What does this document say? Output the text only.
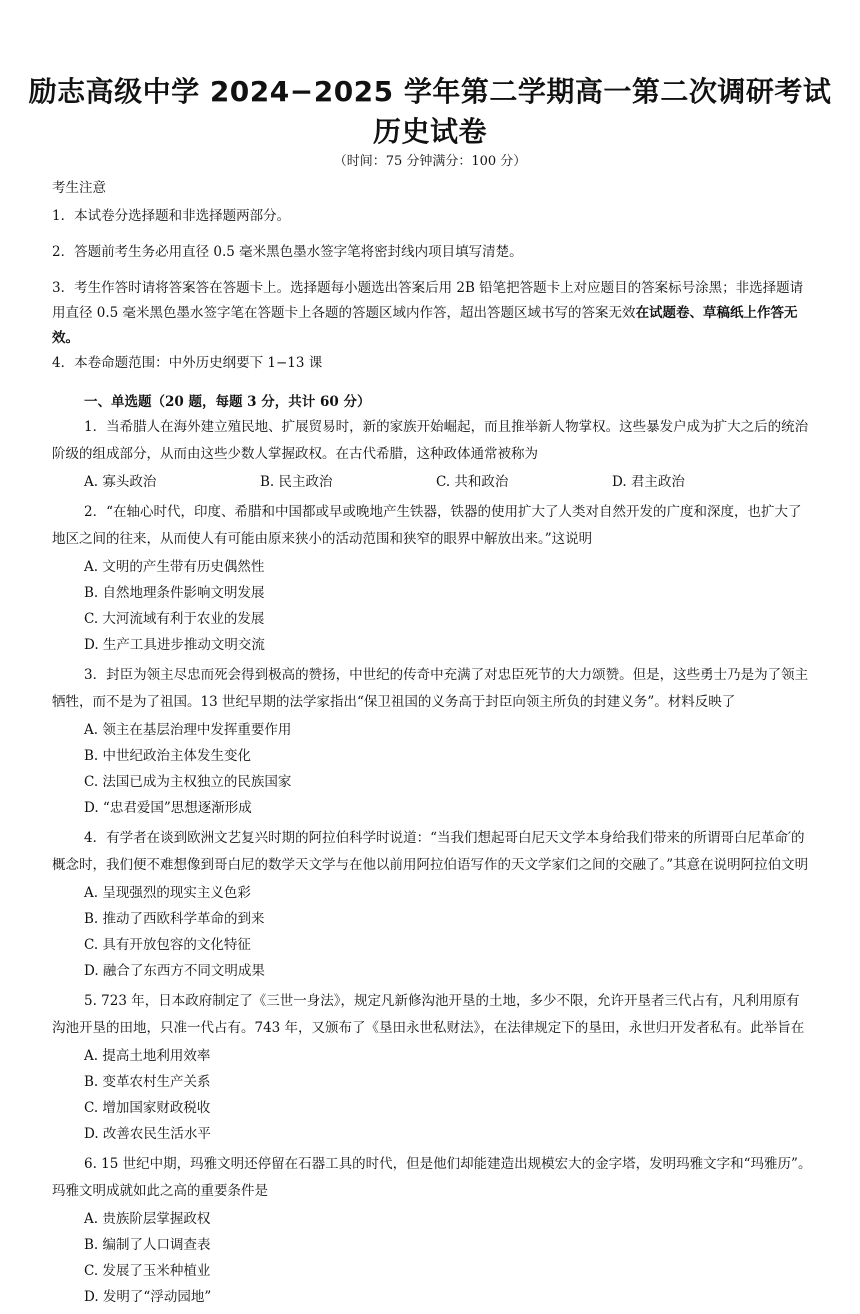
励志高级中学 2024−2025 学年第二学期高一第二次调研考试
历史试卷
（时间：75 分钟满分：100 分）

考生注意

1．本试卷分选择题和非选择题两部分。

2．答题前考生务必用直径 0.5 毫米黑色墨水签字笔将密封线内项目填写清楚。

3．考生作答时请将答案答在答题卡上。选择题每小题选出答案后用 2B 铅笔把答题卡上对应题目的答案标号涂黑；非选择题请用直径 0.5 毫米黑色墨水签字笔在答题卡上各题的答题区域内作答，超出答题区域书写的答案无效在试题卷、草稿纸上作答无效。

4．本卷命题范围：中外历史纲要下 1−13 课

一、单选题（20 题，每题 3 分，共计 60 分）

1．当希腊人在海外建立殖民地、扩展贸易时，新的家族开始崛起，而且推举新人物掌权。这些暴发户成为扩大之后的统治阶级的组成部分，从而由这些少数人掌握政权。在古代希腊，这种政体通常被称为

A. 寡头政治	B. 民主政治	C. 共和政治	D. 君主政治

2．“在轴心时代，印度、希腊和中国都或早或晚地产生铁器，铁器的使用扩大了人类对自然开发的广度和深度，也扩大了地区之间的往来，从而使人有可能由原来狭小的活动范围和狭窄的眼界中解放出来。”这说明

A. 文明的产生带有历史偶然性
B. 自然地理条件影响文明发展
C. 大河流域有利于农业的发展
D. 生产工具进步推动文明交流

3．封臣为领主尽忠而死会得到极高的赞扬，中世纪的传奇中充满了对忠臣死节的大力颂赞。但是，这些勇士乃是为了领主牺牲，而不是为了祖国。13 世纪早期的法学家指出“保卫祖国的义务高于封臣向领主所负的封建义务”。材料反映了

A. 领主在基层治理中发挥重要作用
B. 中世纪政治主体发生变化
C. 法国已成为主权独立的民族国家
D. “忠君爱国”思想逐渐形成

4．有学者在谈到欧洲文艺复兴时期的阿拉伯科学时说道：“当我们想起哥白尼天文学本身给我们带来的所谓哥白尼革命′的概念时，我们便不难想像到哥白尼的数学天文学与在他以前用阿拉伯语写作的天文学家们之间的交融了。”其意在说明阿拉伯文明

A. 呈现强烈的现实主义色彩
B. 推动了西欧科学革命的到来
C. 具有开放包容的文化特征
D. 融合了东西方不同文明成果

5. 723 年，日本政府制定了《三世一身法》，规定凡新修沟池开垦的土地，多少不限，允许开垦者三代占有，凡利用原有沟池开垦的田地，只准一代占有。743 年，又颁布了《垦田永世私财法》，在法律规定下的垦田，永世归开发者私有。此举旨在

A. 提高土地利用效率
B. 变革农村生产关系
C. 增加国家财政税收
D. 改善农民生活水平

6. 15 世纪中期，玛雅文明还停留在石器工具的时代，但是他们却能建造出规模宏大的金字塔，发明玛雅文字和“玛雅历”。玛雅文明成就如此之高的重要条件是

A. 贵族阶层掌握政权
B. 编制了人口调查表
C. 发展了玉米种植业
D. 发明了“浮动园地”
